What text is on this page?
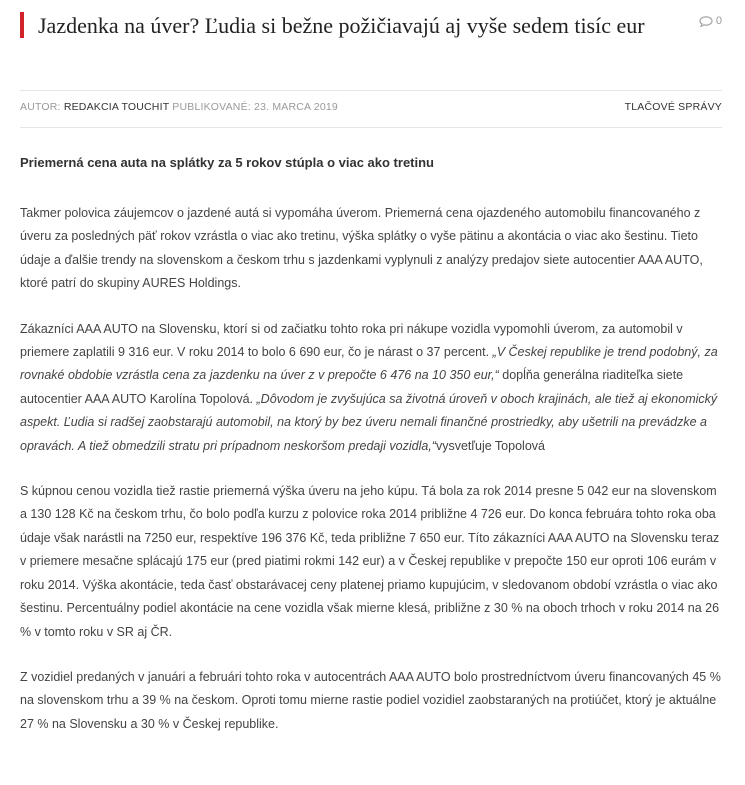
Jazdenka na úver? Ľudia si bežne požičiavajú aj vyše sedem tisíc eur	0
AUTOR: REDAKCIA TOUCHIT PUBLIKOVANÉ: 23. MARCA 2019	TLAČOVÉ SPRÁVY
Priemerná cena auta na splátky za 5 rokov stúpla o viac ako tretinu

Takmer polovica záujemcov o jazdené autá si vypomáha úverom. Priemerná cena ojazdeného automobilu financovaného z úveru za posledných päť rokov vzrástla o viac ako tretinu, výška splátky o vyše pätinu a akontácia o viac ako šestinu. Tieto údaje a ďalšie trendy na slovenskom a českom trhu s jazdenkami vyplynuli z analýzy predajov siete autocentier AAA AUTO, ktoré patrí do skupiny AURES Holdings.

Zákazníci AAA AUTO na Slovensku, ktorí si od začiatku tohto roka pri nákupe vozidla vypomohli úverom, za automobil v priemere zaplatili 9 316 eur. V roku 2014 to bolo 6 690 eur, čo je nárast o 37 percent. „V Českej republike je trend podobný, za rovnaké obdobie vzrástla cena za jazdenku na úver z v prepočte 6 476 na 10 350 eur,“ dopĺňa generálna riaditeľka siete autocentier AAA AUTO Karolína Topolová. „Dôvodom je zvyšujúca sa životná úroveň v oboch krajinách, ale tiež aj ekonomický aspekt. Ľudia si radšej zaobstarajú automobil, na ktorý by bez úveru nemali finančné prostriedky, aby ušetrili na prevádzke a opravách. A tiež obmedzili stratu pri prípadnom neskoršom predaji vozidla,“vysvetľuje Topolová

S kúpnou cenou vozidla tiež rastie priemerná výška úveru na jeho kúpu. Tá bola za rok 2014 presne 5 042 eur na slovenskom a 130 128 Kč na českom trhu, čo bolo podľa kurzu z polovice roka 2014 približne 4 726 eur. Do konca februára tohto roka oba údaje však narástli na 7250 eur, respektíve 196 376 Kč, teda približne 7 650 eur. Títo zákazníci AAA AUTO na Slovensku teraz v priemere mesačne splácajú 175 eur (pred piatimi rokmi 142 eur) a v Českej republike v prepočte 150 eur oproti 106 eurám v roku 2014. Výška akontácie, teda časť obstarávacej ceny platenej priamo kupujúcim, v sledovanom období vzrástla o viac ako šestinu. Percentuálny podiel akontácie na cene vozidla však mierne klesá, približne z 30 % na oboch trhoch v roku 2014 na 26 % v tomto roku v SR aj ČR.

Z vozidiel predaných v januári a februári tohto roka v autocentrách AAA AUTO bolo prostredníctvom úveru financovaných 45 % na slovenskom trhu a 39 % na českom. Oproti tomu mierne rastie podiel vozidiel zaobstaraných na protiúčet, ktorý je aktuálne 27 % na Slovensku a 30 % v Českej republike.
